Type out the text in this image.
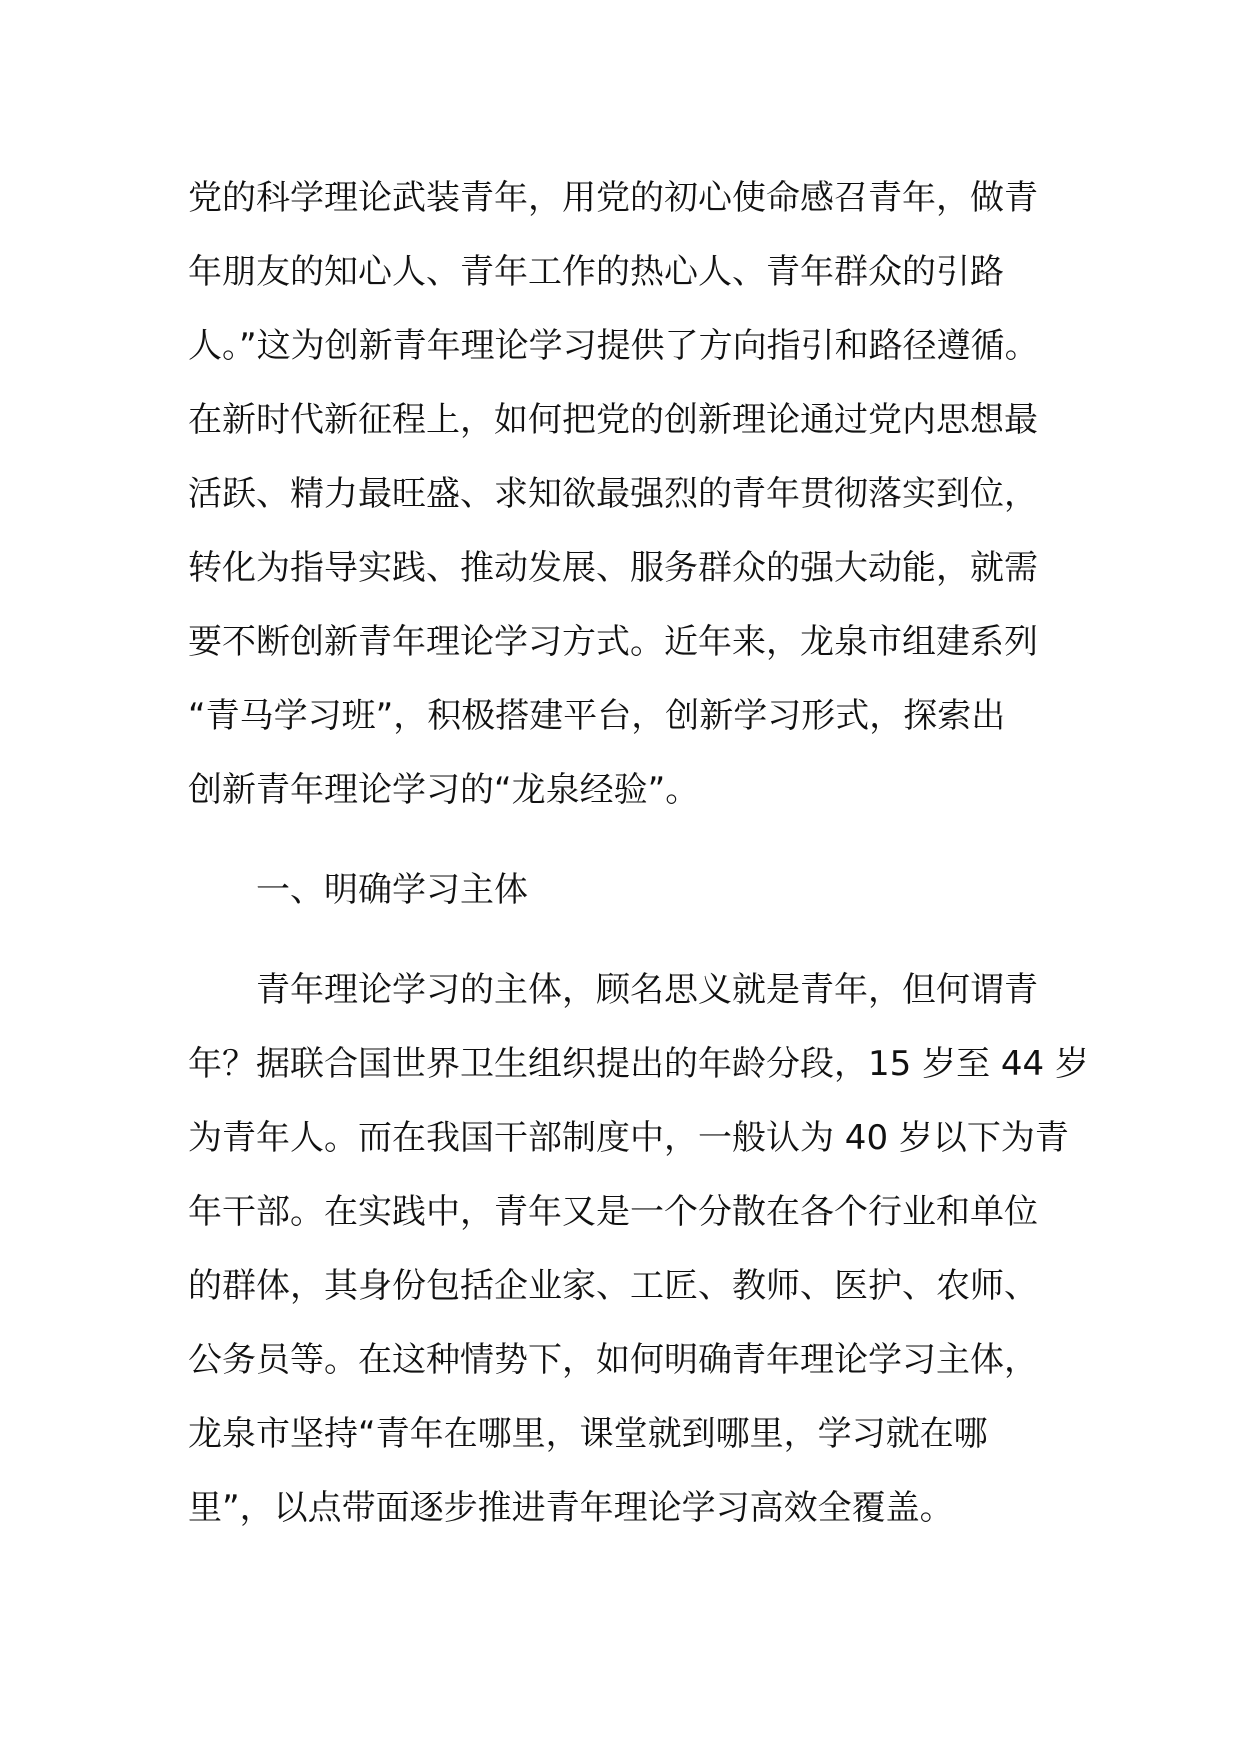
党的科学理论武装青年，用党的初心使命感召青年，做青
年朋友的知心人、青年工作的热心人、青年群众的引路
人。”这为创新青年理论学习提供了方向指引和路径遵循。
在新时代新征程上，如何把党的创新理论通过党内思想最
活跃、精力最旺盛、求知欲最强烈的青年贯彻落实到位，
转化为指导实践、推动发展、服务群众的强大动能，就需
要不断创新青年理论学习方式。近年来，龙泉市组建系列
“青马学习班”，积极搭建平台，创新学习形式，探索出
创新青年理论学习的“龙泉经验”。
一、明确学习主体
青年理论学习的主体，顾名思义就是青年，但何谓青
年？据联合国世界卫生组织提出的年龄分段，15 岁至 44 岁
为青年人。而在我国干部制度中，一般认为 40 岁以下为青
年干部。在实践中，青年又是一个分散在各个行业和单位
的群体，其身份包括企业家、工匠、教师、医护、农师、
公务员等。在这种情势下，如何明确青年理论学习主体，
龙泉市坚持“青年在哪里，课堂就到哪里，学习就在哪
里”，以点带面逐步推进青年理论学习高效全覆盖。
